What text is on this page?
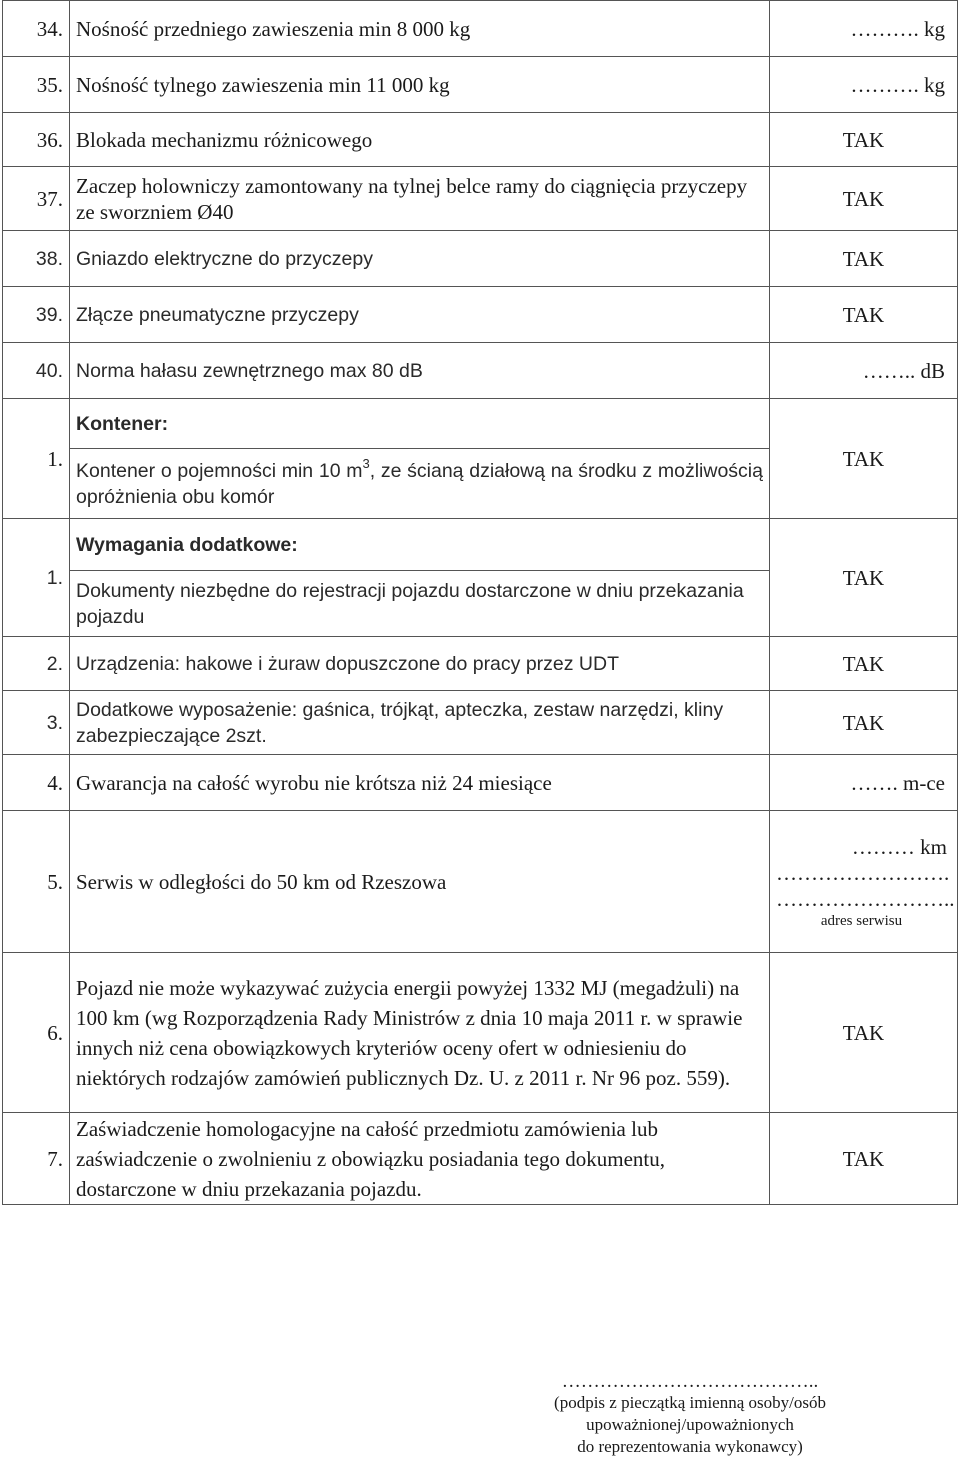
34.	Nośność przedniego zawieszenia min 8 000 kg	………. kg
35.	Nośność tylnego zawieszenia min 11 000 kg	………. kg
36.	Blokada mechanizmu różnicowego	TAK
37.	Zaczep holowniczy zamontowany na tylnej belce ramy do ciągnięcia przyczepy ze sworzniem Ø40	TAK
38.	Gniazdo elektryczne do przyczepy	TAK
39.	Złącze pneumatyczne przyczepy	TAK
40.	Norma hałasu zewnętrznego max 80 dB	…….. dB
1.	Kontener:	TAK

	Kontener o pojemności min 10 $m^3$, ze ścianą działową na środku z możliwością opróżnienia obu komór	

1.	Wymagania dodatkowe:	TAK

	Dokumenty niezbędne do rejestracji pojazdu dostarczone w dniu przekazania pojazdu	

2.	Urządzenia: hakowe i żuraw dopuszczone do pracy przez UDT	TAK
3.	Dodatkowe wyposażenie: gaśnica, trójkąt, apteczka, zestaw narzędzi, kliny zabezpieczające 2szt.	TAK
4.	Gwarancja na całość wyrobu nie krótsza niż 24 miesiące	……. m-ce
5.	Serwis w odległości do 50 km od Rzeszowa	……… km
…………………….
……………………..
adres serwisu

6.	Pojazd nie może wykazywać zużycia energii powyżej 1332 MJ (megadżuli) na 100 km (wg Rozporządzenia Rady Ministrów z dnia 10 maja 2011 r. w sprawie innych niż cena obowiązkowych kryteriów oceny ofert w odniesieniu do niektórych rodzajów zamówień publicznych Dz. U. z 2011 r. Nr 96 poz. 559).	TAK
7.	Zaświadczenie homologacyjne na całość przedmiotu zamówienia lub zaświadczenie o zwolnieniu z obowiązku posiadania tego dokumentu, dostarczone w dniu przekazania pojazdu.	TAK
…………………………………..
(podpis z pieczątką imienną osoby/osób
upoważnionej/upoważnionych
do reprezentowania wykonawcy)
